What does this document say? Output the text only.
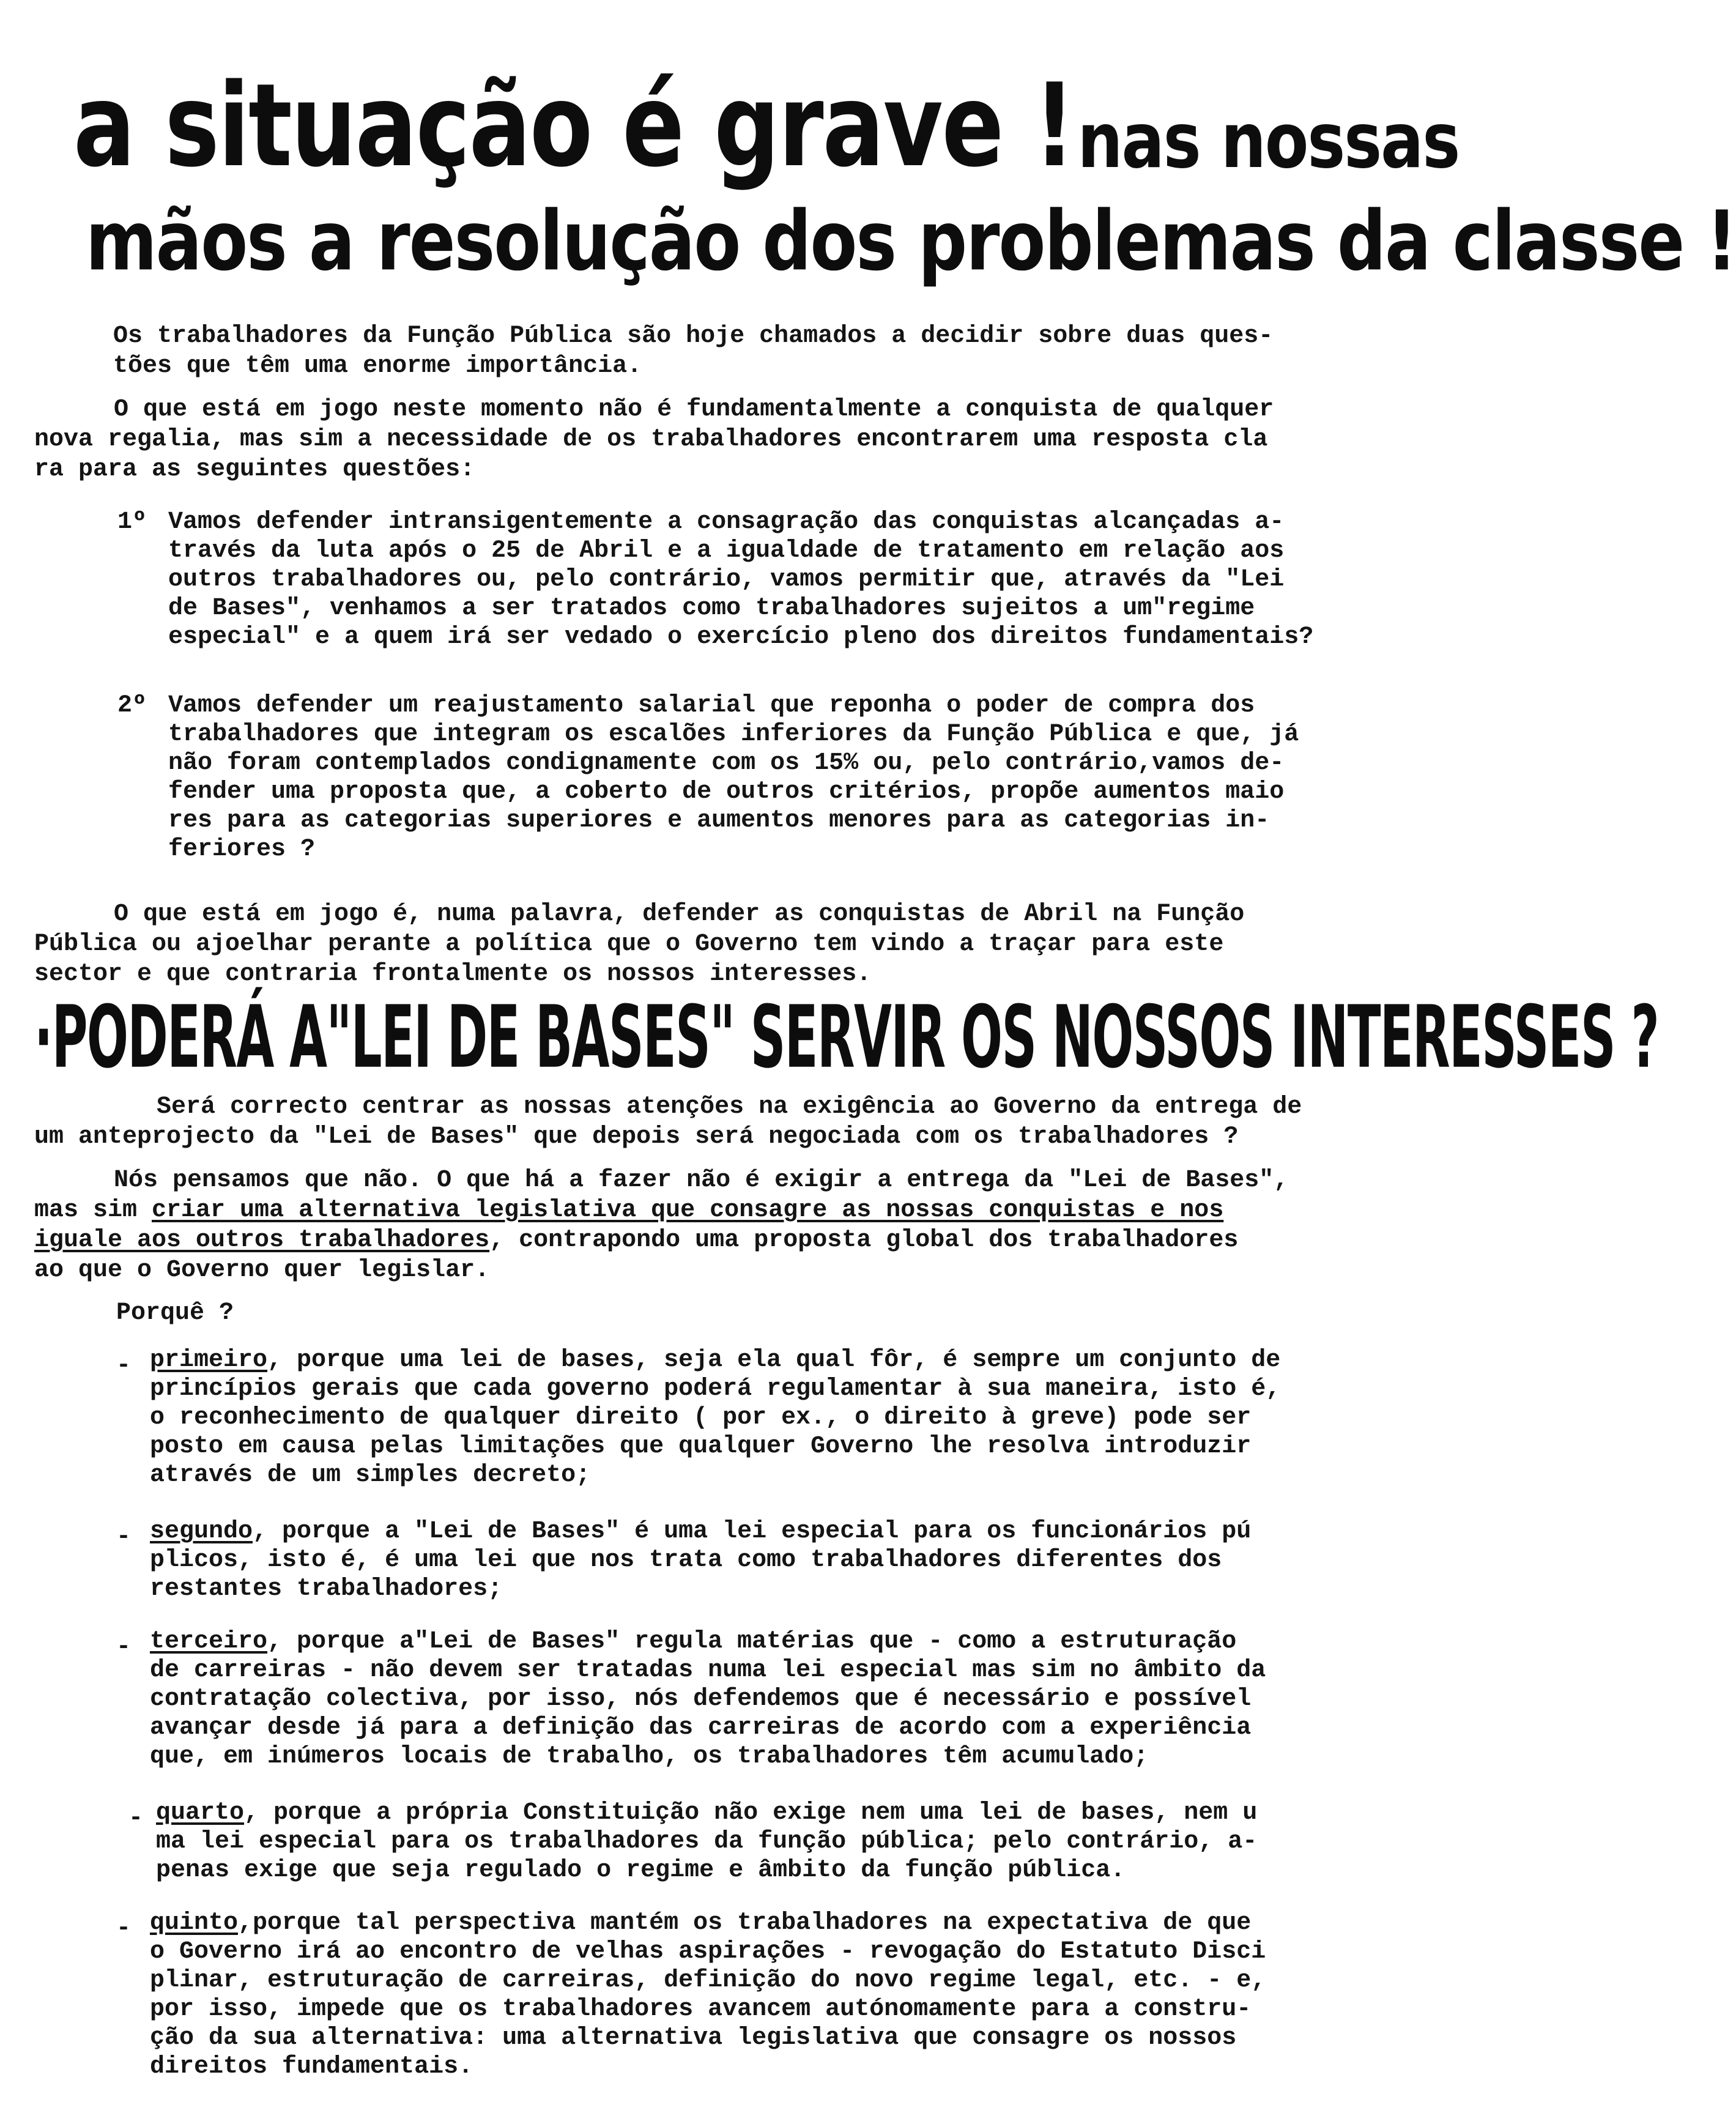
a situação é grave ! nas nossas
mãos a resolução dos problemas da classe !
Os trabalhadores da Função Pública são hoje chamados a decidir sobre duas ques-
tões que têm uma enorme importância.
O que está em jogo neste momento não é fundamentalmente a conquista de qualquer
nova regalia, mas sim a necessidade de os trabalhadores encontrarem uma resposta cla
ra para as seguintes questões:
1º Vamos defender intransigentemente a consagração das conquistas alcançadas a-
través da luta após o 25 de Abril e a igualdade de tratamento em relação aos
outros trabalhadores ou, pelo contrário, vamos permitir que, através da "Lei
de Bases", venhamos a ser tratados como trabalhadores sujeitos a um"regime
especial" e a quem irá ser vedado o exercício pleno dos direitos fundamentais?
2º Vamos defender um reajustamento salarial que reponha o poder de compra dos
trabalhadores que integram os escalões inferiores da Função Pública e que, já
não foram contemplados condignamente com os 15% ou, pelo contrário,vamos de-
fender uma proposta que, a coberto de outros critérios, propõe aumentos maio
res para as categorias superiores e aumentos menores para as categorias in-
feriores ?
O que está em jogo é, numa palavra, defender as conquistas de Abril na Função
Pública ou ajoelhar perante a política que o Governo tem vindo a traçar para este
sector e que contraria frontalmente os nossos interesses.
·PODERÁ A"LEI DE BASES" SERVIR OS NOSSOS INTERESSES ?
Será correcto centrar as nossas atenções na exigência ao Governo da entrega de
um anteprojecto da "Lei de Bases" que depois será negociada com os trabalhadores ?
Nós pensamos que não. O que há a fazer não é exigir a entrega da "Lei de Bases",
mas sim criar uma alternativa legislativa que consagre as nossas conquistas e nos
iguale aos outros trabalhadores, contrapondo uma proposta global dos trabalhadores
ao que o Governo quer legislar.
Porquê ?
- primeiro, porque uma lei de bases, seja ela qual fôr, é sempre um conjunto de
princípios gerais que cada governo poderá regulamentar à sua maneira, isto é,
o reconhecimento de qualquer direito ( por ex., o direito à greve) pode ser
posto em causa pelas limitações que qualquer Governo lhe resolva introduzir
através de um simples decreto;
- segundo, porque a "Lei de Bases" é uma lei especial para os funcionários pú
plicos, isto é, é uma lei que nos trata como trabalhadores diferentes dos
restantes trabalhadores;
- terceiro, porque a"Lei de Bases" regula matérias que - como a estruturação
de carreiras - não devem ser tratadas numa lei especial mas sim no âmbito da
contratação colectiva, por isso, nós defendemos que é necessário e possível
avançar desde já para a definição das carreiras de acordo com a experiência
que, em inúmeros locais de trabalho, os trabalhadores têm acumulado;
- quarto, porque a própria Constituição não exige nem uma lei de bases, nem u
ma lei especial para os trabalhadores da função pública; pelo contrário, a-
penas exige que seja regulado o regime e âmbito da função pública.
- quinto,porque tal perspectiva mantém os trabalhadores na expectativa de que
o Governo irá ao encontro de velhas aspirações - revogação do Estatuto Disci
plinar, estruturação de carreiras, definição do novo regime legal, etc. - e,
por isso, impede que os trabalhadores avancem autónomamente para a constru-
ção da sua alternativa: uma alternativa legislativa que consagre os nossos
direitos fundamentais.
